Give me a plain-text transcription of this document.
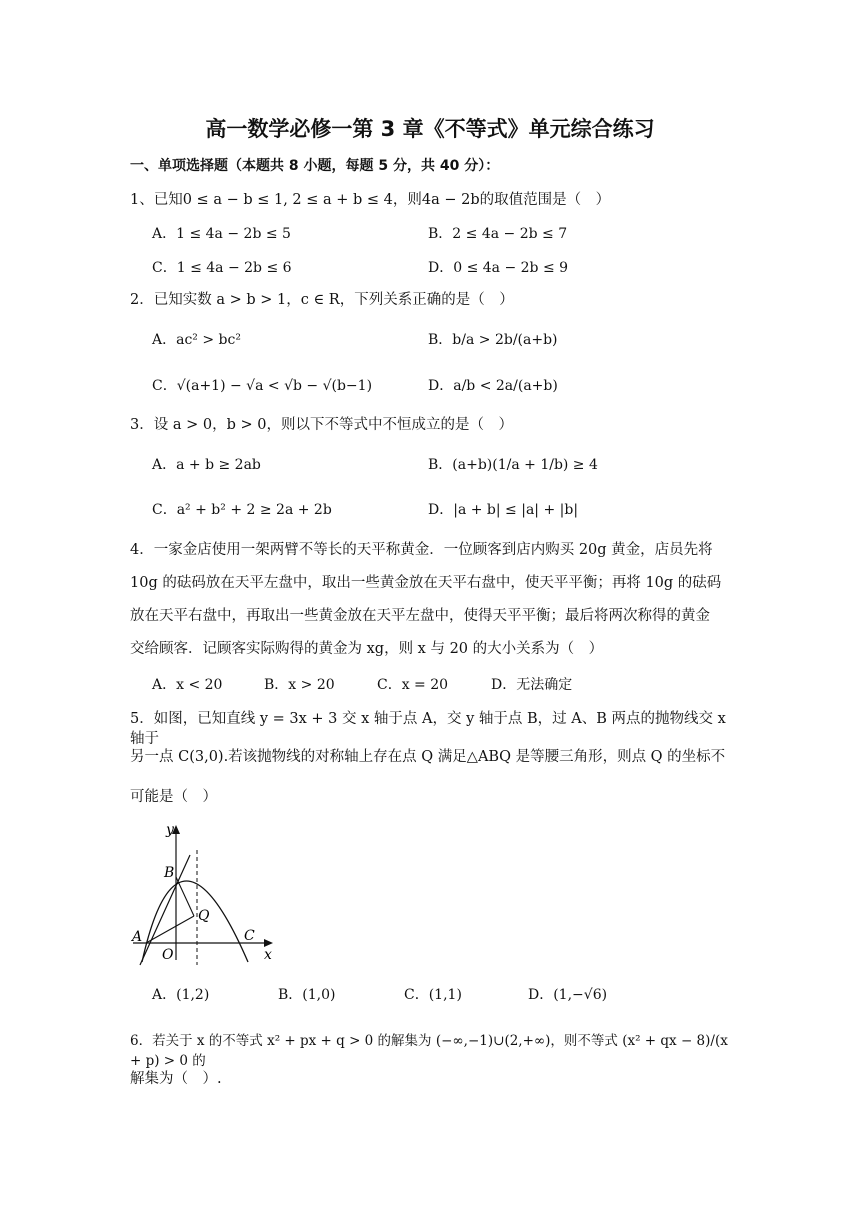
高一数学必修一第 3 章《不等式》单元综合练习
一、单项选择题（本题共 8 小题，每题 5 分，共 40 分）：
1、已知0 ≤ a − b ≤ 1, 2 ≤ a + b ≤ 4，则4a − 2b的取值范围是（　）
A．1 ≤ 4a − 2b ≤ 5	B．2 ≤ 4a − 2b ≤ 7
C．1 ≤ 4a − 2b ≤ 6	D．0 ≤ 4a − 2b ≤ 9
2．已知实数 a > b > 1，c ∈ R，下列关系正确的是（　）
A．ac² > bc²	B．b/a > 2b/(a+b)
C．√(a+1) − √a < √b − √(b−1)	D．a/b < 2a/(a+b)
3．设 a > 0，b > 0，则以下不等式中不恒成立的是（　）
A．a + b ≥ 2ab	B．(a+b)(1/a + 1/b) ≥ 4
C．a² + b² + 2 ≥ 2a + 2b	D．|a + b| ≤ |a| + |b|
4．一家金店使用一架两臂不等长的天平称黄金．一位顾客到店内购买 20g 黄金，店员先将
10g 的砝码放在天平左盘中，取出一些黄金放在天平右盘中，使天平平衡；再将 10g 的砝码
放在天平右盘中，再取出一些黄金放在天平左盘中，使得天平平衡；最后将两次称得的黄金
交给顾客．记顾客实际购得的黄金为 xg，则 x 与 20 的大小关系为（　）
A．x < 20	B．x > 20	C．x = 20	D．无法确定
5．如图，已知直线 y = 3x + 3 交 x 轴于点 A，交 y 轴于点 B，过 A、B 两点的抛物线交 x 轴于
另一点 C(3,0).若该抛物线的对称轴上存在点 Q 满足△ABQ 是等腰三角形，则点 Q 的坐标不
可能是（　）
y
B
Q
A
O
C
x
A．(1,2)	B．(1,0)	C．(1,1)	D．(1,−√6)
6．若关于 x 的不等式 x² + px + q > 0 的解集为 (−∞,−1)∪(2,+∞)，则不等式 (x² + qx − 8)/(x + p) > 0 的
解集为（　）.
